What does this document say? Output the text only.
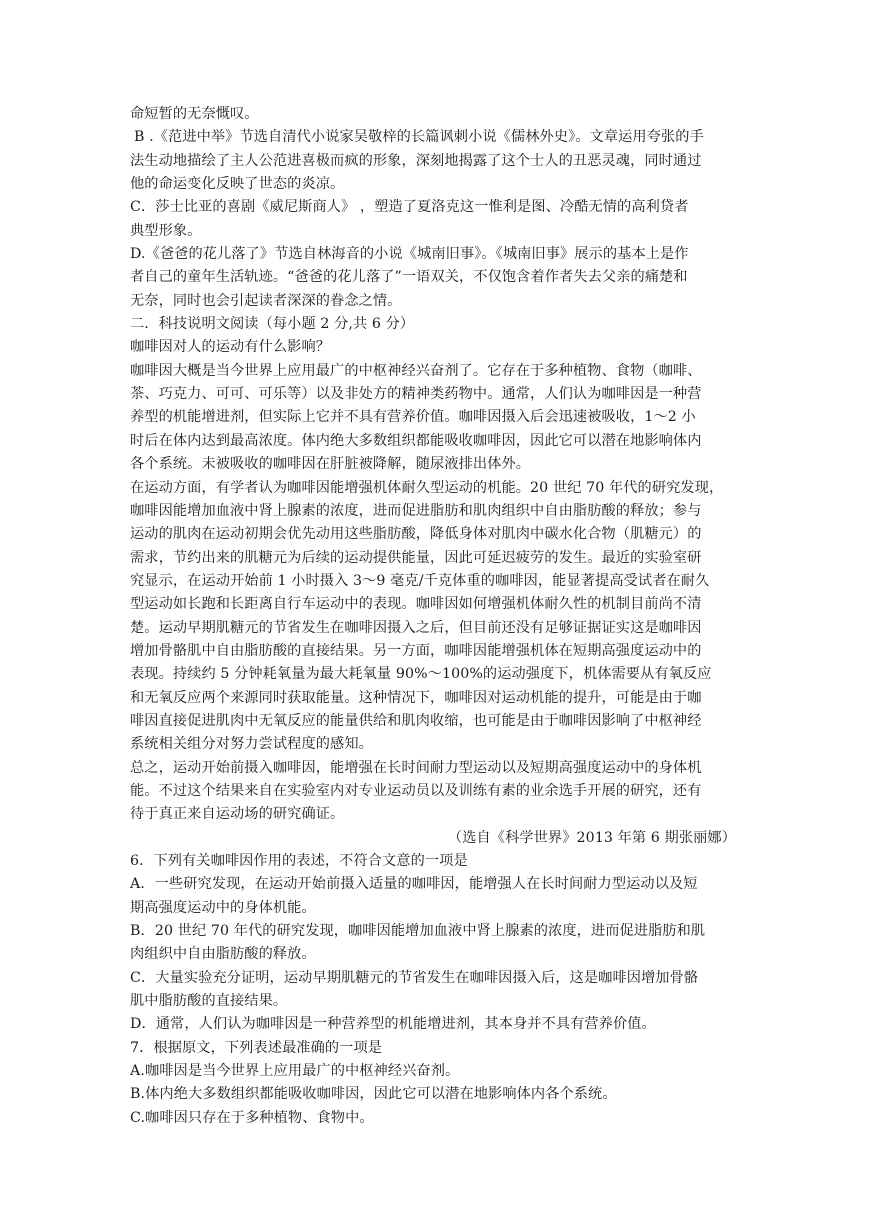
命短暂的无奈慨叹。
B .《范进中举》节选自清代小说家吴敬梓的长篇讽刺小说《儒林外史》。文章运用夸张的手
法生动地描绘了主人公范进喜极而疯的形象，深刻地揭露了这个士人的丑恶灵魂，同时通过
他的命运变化反映了世态的炎凉。
C．莎士比亚的喜剧《威尼斯商人》 ，塑造了夏洛克这一惟利是图、冷酷无情的高利贷者
典型形象。
D.《爸爸的花儿落了》节选自林海音的小说《城南旧事》。《城南旧事》展示的基本上是作
者自己的童年生活轨迹。“爸爸的花儿落了”一语双关，不仅饱含着作者失去父亲的痛楚和
无奈，同时也会引起读者深深的眷念之情。
二．科技说明文阅读（每小题 2 分,共 6 分）
咖啡因对人的运动有什么影响？
咖啡因大概是当今世界上应用最广的中枢神经兴奋剂了。它存在于多种植物、食物（咖啡、
茶、巧克力、可可、可乐等）以及非处方的精神类药物中。通常，人们认为咖啡因是一种营
养型的机能增进剂，但实际上它并不具有营养价值。咖啡因摄入后会迅速被吸收，1～2 小
时后在体内达到最高浓度。体内绝大多数组织都能吸收咖啡因，因此它可以潜在地影响体内
各个系统。未被吸收的咖啡因在肝脏被降解，随尿液排出体外。
在运动方面，有学者认为咖啡因能增强机体耐久型运动的机能。20 世纪 70 年代的研究发现，
咖啡因能增加血液中肾上腺素的浓度，进而促进脂肪和肌肉组织中自由脂肪酸的释放；参与
运动的肌肉在运动初期会优先动用这些脂肪酸，降低身体对肌肉中碳水化合物（肌糖元）的
需求，节约出来的肌糖元为后续的运动提供能量，因此可延迟疲劳的发生。最近的实验室研
究显示，在运动开始前 1 小时摄入 3～9 毫克/千克体重的咖啡因，能显著提高受试者在耐久
型运动如长跑和长距离自行车运动中的表现。咖啡因如何增强机体耐久性的机制目前尚不清
楚。运动早期肌糖元的节省发生在咖啡因摄入之后，但目前还没有足够证据证实这是咖啡因
增加骨骼肌中自由脂肪酸的直接结果。另一方面，咖啡因能增强机体在短期高强度运动中的
表现。持续约 5 分钟耗氧量为最大耗氧量 90%～100%的运动强度下，机体需要从有氧反应
和无氧反应两个来源同时获取能量。这种情况下，咖啡因对运动机能的提升，可能是由于咖
啡因直接促进肌肉中无氧反应的能量供给和肌肉收缩，也可能是由于咖啡因影响了中枢神经
系统相关组分对努力尝试程度的感知。
总之，运动开始前摄入咖啡因，能增强在长时间耐力型运动以及短期高强度运动中的身体机
能。不过这个结果来自在实验室内对专业运动员以及训练有素的业余选手开展的研究，还有
待于真正来自运动场的研究确证。
（选自《科学世界》2013 年第 6 期张丽娜）
6．下列有关咖啡因作用的表述，不符合文意的一项是
A．一些研究发现，在运动开始前摄入适量的咖啡因，能增强人在长时间耐力型运动以及短
期高强度运动中的身体机能。
B．20 世纪 70 年代的研究发现，咖啡因能增加血液中肾上腺素的浓度，进而促进脂肪和肌
肉组织中自由脂肪酸的释放。
C．大量实验充分证明，运动早期肌糖元的节省发生在咖啡因摄入后，这是咖啡因增加骨骼
肌中脂肪酸的直接结果。
D．通常，人们认为咖啡因是一种营养型的机能增进剂，其本身并不具有营养价值。
7．根据原文，下列表述最准确的一项是
A.咖啡因是当今世界上应用最广的中枢神经兴奋剂。
B.体内绝大多数组织都能吸收咖啡因，因此它可以潜在地影响体内各个系统。
C.咖啡因只存在于多种植物、食物中。
